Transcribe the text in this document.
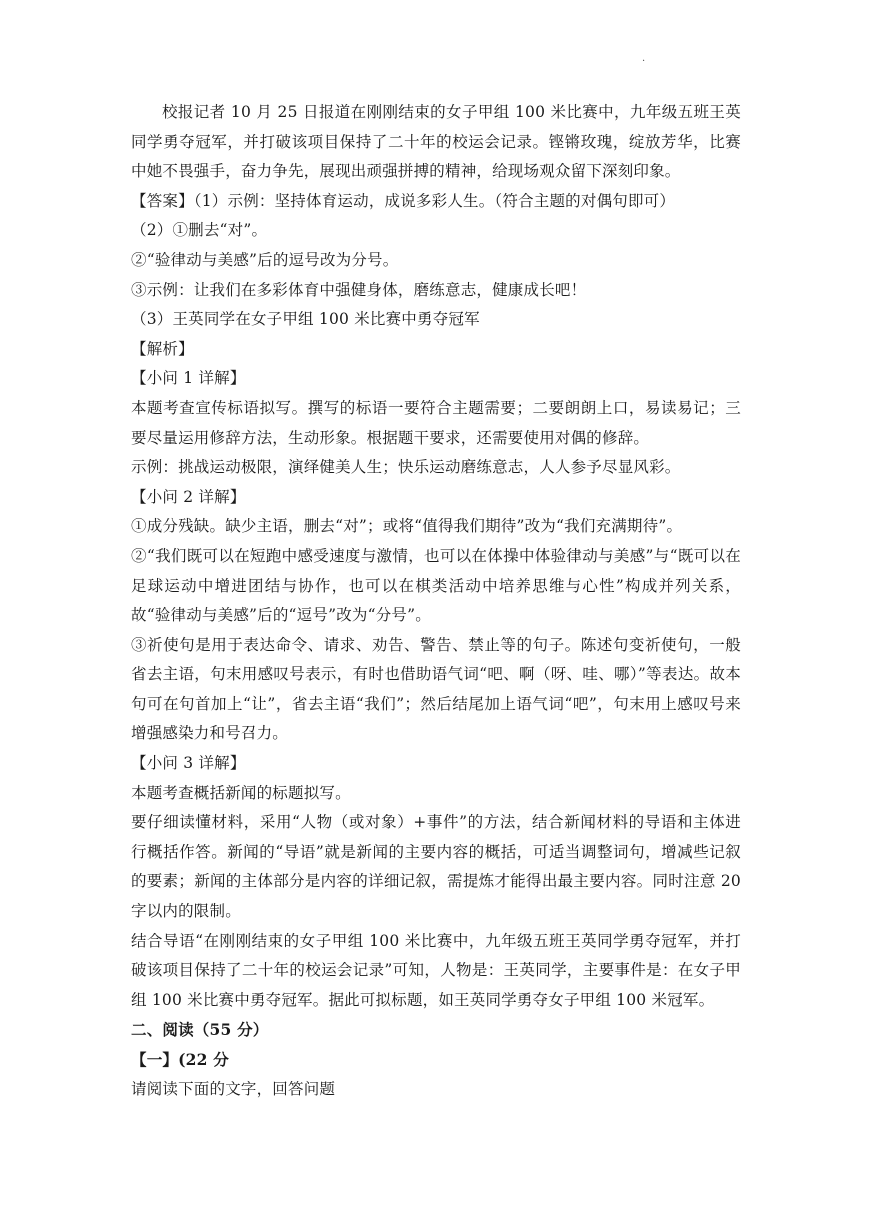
·

校报记者 10 月 25 日报道在刚刚结束的女子甲组 100 米比赛中，九年级五班王英同学勇夺冠军，并打破该项目保持了二十年的校运会记录。铿锵玫瑰，绽放芳华，比赛中她不畏强手，奋力争先，展现出顽强拼搏的精神，给现场观众留下深刻印象。

【答案】（1）示例：坚持体育运动，成说多彩人生。（符合主题的对偶句即可）

（2）①删去“对”。

②“验律动与美感”后的逗号改为分号。

③示例：让我们在多彩体育中强健身体，磨练意志，健康成长吧！

（3）王英同学在女子甲组 100 米比赛中勇夺冠军

【解析】

【小问 1 详解】

本题考查宣传标语拟写。撰写的标语一要符合主题需要；二要朗朗上口，易读易记；三要尽量运用修辞方法，生动形象。根据题干要求，还需要使用对偶的修辞。

示例：挑战运动极限，演绎健美人生；快乐运动磨练意志，人人参予尽显风彩。

【小问 2 详解】

①成分残缺。缺少主语，删去“对”；或将“值得我们期待”改为“我们充满期待”。

②“我们既可以在短跑中感受速度与激情，也可以在体操中体验律动与美感”与“既可以在足球运动中增进团结与协作，也可以在棋类活动中培养思维与心性”构成并列关系，故“验律动与美感”后的“逗号”改为“分号”。

③祈使句是用于表达命令、请求、劝告、警告、禁止等的句子。陈述句变祈使句，一般省去主语，句末用感叹号表示，有时也借助语气词“吧、啊（呀、哇、哪）”等表达。故本句可在句首加上“让”，省去主语“我们”；然后结尾加上语气词“吧”，句末用上感叹号来增强感染力和号召力。

【小问 3 详解】

本题考查概括新闻的标题拟写。

要仔细读懂材料，采用“人物（或对象）+事件”的方法，结合新闻材料的导语和主体进行概括作答。新闻的“导语”就是新闻的主要内容的概括，可适当调整词句，增减些记叙的要素；新闻的主体部分是内容的详细记叙，需提炼才能得出最主要内容。同时注意 20 字以内的限制。

结合导语“在刚刚结束的女子甲组 100 米比赛中，九年级五班王英同学勇夺冠军，并打破该项目保持了二十年的校运会记录”可知，人物是：王英同学，主要事件是：在女子甲组 100 米比赛中勇夺冠军。据此可拟标题，如王英同学勇夺女子甲组 100 米冠军。

二、阅读（55 分）

【一】(22 分

请阅读下面的文字，回答问题
